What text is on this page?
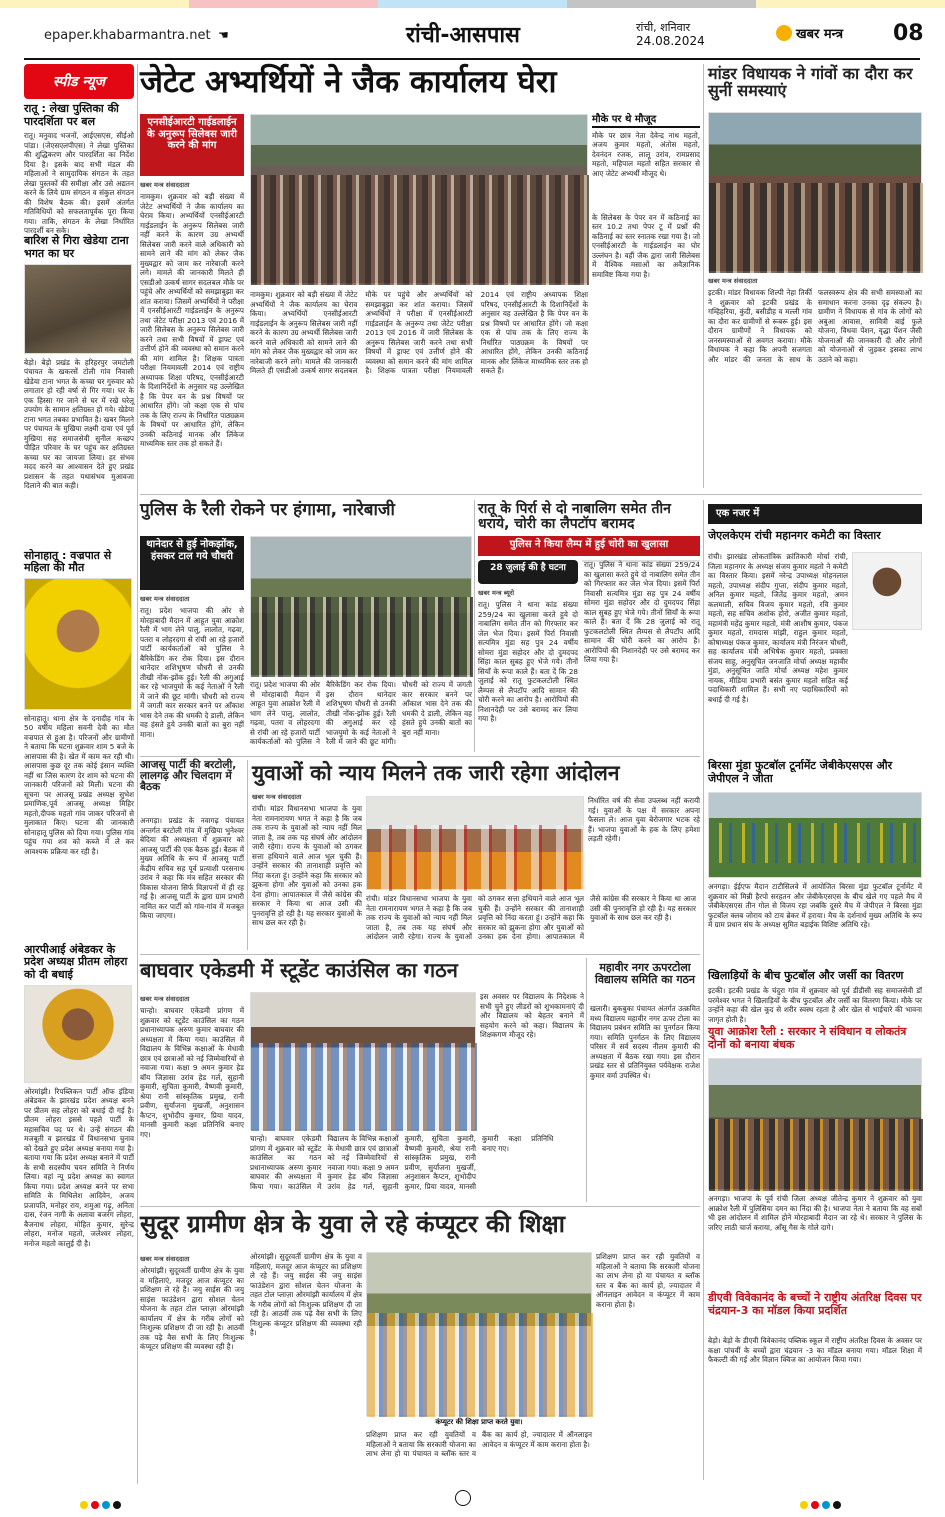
epaper.khabarmantra.net ☚	रांची-आसपास	रांची, शनिवार
24.08.2024	खबर मन्त्र 08
स्पीड न्यूज
रातू : लेखा पुस्तिका की पारदर्शिता पर बल
रातू। मनुवाद भजनों, आईएसएस, सीईओ पांडा। (जेएसएलपीएस) ने लेखा पुस्तिका की शुद्धिकरण और पारदर्शिता का निर्देश दिया है। इसके बाद सभी मंडल की महिलाओं ने सामुदायिक संगठन के तहत लेखा पुस्तकों की समीक्षा और उसे अद्यतन करने के लिये ग्राम संगठन व संकुल संगठन की विशेष बैठक की। इसमें अंतर्गत गतिविधियों को सफलतापूर्वक पूरा किया गया। ताकि, संगठन के लेखा निर्धारित पारदर्शी बन सके।
बारिश से गिरा खेडेया टाना भगत का घर
बेड़ो। बेड़ो प्रखंड के हरिहरपुर जमटोली पंचायत के खकरसें टोली गांव निवासी खेडेया टाना भगत के कच्चा घर गुरुवार को लगातार हो रही वर्षा से गिर गया। घर के एक हिस्सा गर जाने से घर में रखे घरेलू उपयोग के सामान क्षतिग्रस्त हो गये। खेडेया टाना भगत तबका प्रभावित है। खबर मिलने पर पंचायत के मुखिया लक्ष्मी दावा एवं पूर्व मुखिया सह समाजसेवी सुनील कच्छप पीड़ित परिवार के घर पहुंच कर क्षतिग्रस्त कच्चा घर का जायजा लिया। हर संभव मदद करने का आश्वासन देते हुए प्रखंड प्रशासन के तहत यथासंभव मुआवजा दिलाने की बात कही।
सोनाहातू : वज्रपात से महिला की मौत
सोनाहातू। थाना क्षेत्र के दनादीह गांव के 50 वर्षीय महिला सवनी देवी का मौत वज्रपात से हुआ है। परिजनों और ग्रामीणों ने बताया कि घटना शुक्रवार शाम 5 बजे के आसपास की है। खेत में काम कर रही थी। आसपास कुछ दूर तक कोई इंसान व्यक्ति नहीं था जिस कारण देर शाम को घटना की जानकारी परिजनों को मिली। घटना की सूचना पर आजसू प्रखंड अध्यक्ष सुभेश प्रमाणिक,पूर्व आजसू अध्यक्ष मिहिर महतो,दीपक महतो गांव जाकर परिजनों से मुलाकात किए। घटना की जानकारी सोनाहातू पुलिस को दिया गया। पुलिस गांव पहुंच गया शव को कब्जे में ले कर आवश्यक प्रक्रिया कर रही है।
आरपीआई अंबेडकर के प्रदेश अध्यक्ष प्रीतम लोहरा को दी बधाई
ओरमांझी। रिपब्लिकन पार्टी ऑफ इंडिया अंबेडकर के झारखंड प्रदेश अध्यक्ष बनने पर प्रीतम सह लोहरा को बधाई दी गई है। प्रीतम लोहरा इससे पहले पार्टी के महासचिव पद पर थे। उन्हें संगठन की मजबूती व झारखंड में विधानसभा चुनाव को देखते हुए प्रदेश अध्यक्ष बनाया गया है। बताया गया कि प्रदेश अध्यक्ष बनाने में पार्टी के सभी सदस्यीय चयन समिति ने निर्णय लिया। वहां न्यू प्रदेश अध्यक्ष का स्वागत किया गया। प्रदेश अध्यक्ष बनने पर सभा समिति के मिथिलेश आदिवेन, अजय प्रजापति, मनोहर राय, शमुआ गढ़ू, अनिता दास, रंजन नागी के अलावा बजरंग लोहरा, बैजनाथ लोहरा, मोहित कुमार, सुरेन्द्र लोहरा, मनोज महतो, जलेश्वर लोहरा, मनोज महतो कालुई दी है।
जेटेट अभ्यर्थियों ने जैक कार्यालय घेरा
एनसीईआरटी गाईडलाईन के अनुरूप सिलेबस जारी करने की मांग
खबर मन्त्र संवाददाता
नामकुम। शुक्रवार को बड़ी संख्या में जेटेट अभ्यर्थियों ने जैक कार्यालय का घेराव किया। अभ्यर्थियों एनसीईआरटी गाईडलाईन के अनुरूप सिलेबस जारी नहीं करने के कारण उग्र अभ्यर्थी सिलेबस जारी करने वाले अधिकारी को सामने लाने की मांग को लेकर जैक मुख्यद्वार को जाम कर नारेबाजी करने लगे। मामले की जानकारी मिलते ही एसडीओ उत्कर्ष सागर सदलबल मौके पर पहुंचे और अभ्यर्थियों को समझाबुझा कर शांत कराया। जिसमें अभ्यर्थियों ने परीक्षा में एनसीईआरटी गाईडलाईन के अनुरूप तथा जेटेट परीक्षा 2013 एवं 2016 में जारी सिलेबस के अनुरूप सिलेबस जारी करने तथा सभी विषयों में ड्राफ्ट एवं उत्तीर्ण होने की व्यवस्था को समान करने की मांग शामिल है। शिक्षक पात्रता परीक्षा नियमावली 2014 एवं राष्ट्रीय अध्यापक शिक्षा परिषद, एनसीईआरटी के दिशानिर्देशों के अनुसार यह उल्लेखित है कि पेपर वन के प्रश्न विषयों पर आधारित होंगे। जो कक्षा एक से पांच तक के लिए राज्य के निर्धारित पाठ्यक्रम के विषयों पर आधारित होंगे, लेकिन उनकी कठिनाई मानक और लिंकेज माध्यमिक स्तर तक हो सकते हैं।
नामकुम। शुक्रवार को बड़ी संख्या में जेटेट अभ्यर्थियों ने जैक कार्यालय का घेराव किया। अभ्यर्थियों एनसीईआरटी गाईडलाईन के अनुरूप सिलेबस जारी नहीं करने के कारण उग्र अभ्यर्थी सिलेबस जारी करने वाले अधिकारी को सामने लाने की मांग को लेकर जैक मुख्यद्वार को जाम कर नारेबाजी करने लगे। मामले की जानकारी मिलते ही एसडीओ उत्कर्ष सागर सदलबल मौके पर पहुंचे और अभ्यर्थियों को समझाबुझा कर शांत कराया। जिसमें अभ्यर्थियों ने परीक्षा में एनसीईआरटी गाईडलाईन के अनुरूप तथा जेटेट परीक्षा 2013 एवं 2016 में जारी सिलेबस के अनुरूप सिलेबस जारी करने तथा सभी विषयों में ड्राफ्ट एवं उत्तीर्ण होने की व्यवस्था को समान करने की मांग शामिल है। शिक्षक पात्रता परीक्षा नियमावली 2014 एवं राष्ट्रीय अध्यापक शिक्षा परिषद, एनसीईआरटी के दिशानिर्देशों के अनुसार यह उल्लेखित है कि पेपर वन के प्रश्न विषयों पर आधारित होंगे। जो कक्षा एक से पांच तक के लिए राज्य के निर्धारित पाठ्यक्रम के विषयों पर आधारित होंगे, लेकिन उनकी कठिनाई मानक और लिंकेज माध्यमिक स्तर तक हो सकते हैं।
मौके पर थे मौजूद
मौके पर छात्र नेता देवेन्द्र नाथ महतो, अजय कुमार महतो, अंतोस महतो, देवनंदन रजक, लालू उरांव, रामप्रसाद महतो, महिपाल महतो सहित सरकार से आए जेटेट अभ्यर्थी मौजूद थे।
के सिलेबस के पेपर वन में कठिनाई का स्तर 10.2 तथा पेपर टू में प्रश्नों की कठिनाई का स्तर स्नातक रखा गया है। जो एनसीईआरटी के गाईडलाईन का घोर उल्लंघन है। वहीं जैक द्वारा जारी सिलेबस में वैश्विक मसाओं का अवैज्ञानिक समाविष्ट किया गया है।
मांडर विधायक ने गांवों का दौरा कर सुनीं समस्याएं
खबर मन्त्र संवाददाता
इटकी। मांडर विधायक शिल्पी नेहा तिर्की ने शुक्रवार को इटकी प्रखंड के गम्हिहरिया, कुंदी, बसीडीह व मल्ली गांव का दौरा कर ग्रामीणों से रूबरू हुई। इस दौरान ग्रामीणों ने विधायक को जनसमस्याओं से अवगत कराया। मौके विधायक ने कहा कि अपनी सजगता और मांडर की जनता के साथ के फलस्वरूप क्षेत्र की सभी समस्याओं का समाधान करना उनका दृढ़ संकल्प है। ग्रामीण ने विधायक से गांव के लोगों को अबुआ आवास, सावित्री बाई फुले योजना, विधवा पेंशन, वृद्धा पेंशन जैसी योजनाओं की जानकारी दी और लोगों को योजनाओं से जुड़कर इसका लाभ उठाने को कहा।
पुलिस के रैली रोकने पर हंगामा, नारेबाजी
थानेदार से हुई नोकझोंक, हंसकर टाल गये चौधरी
खबर मन्त्र संवाददाता
रातू। प्रदेश भाजपा की ओर से मोरहाबादी मैदान में आहूत युवा आक्रोश रैली में भाग लेने पालु, लालोत, गढ़वा, पतरा व लोहरदगा से रांची आ रहे हजारों पार्टी कार्यकर्ताओं को पुलिस ने बैरिकेडिंग कर रोक दिया। इस दौरान थानेदार शशिभूषण चौधरी से उनकी तीखी नोंक-झोंक हुई। रैली की अगुआई कर रहे भाजयुमो के कई नेताओं ने रैली में जाने की छूट मांगी। चौधरी को राज्य में जगती कार सरकार बनने पर आँकाश भास देने तक की धमकी दे डाली, लेकिन वह हंसते हुये उनकी बातों का बुरा नहीं माना।
रातू। प्रदेश भाजपा की ओर से मोरहाबादी मैदान में आहूत युवा आक्रोश रैली में भाग लेने पालु, लालोत, गढ़वा, पतरा व लोहरदगा से रांची आ रहे हजारों पार्टी कार्यकर्ताओं को पुलिस ने बैरिकेडिंग कर रोक दिया। इस दौरान थानेदार शशिभूषण चौधरी से उनकी तीखी नोंक-झोंक हुई। रैली की अगुआई कर रहे भाजयुमो के कई नेताओं ने रैली में जाने की छूट मांगी। चौधरी को राज्य में जगती कार सरकार बनने पर आँकाश भास देने तक की धमकी दे डाली, लेकिन वह हंसते हुये उनकी बातों का बुरा नहीं माना।
रातू के पिर्रा से दो नाबालिग समेत तीन धराये, चोरी का लैपटॉप बरामद
पुलिस ने किया लैम्प में हुई चोरी का खुलासा
28 जुलाई की है घटना
खबर मन्त्र ब्यूरो
रातू। पुलिस ने थाना कांड संख्या 259/24 का खुलासा करते हुये दो नाबालिग समेत तीन को गिरफ्तार कर जेल भेज दिया। इसमें पिर्रा निवासी सत्यमित्र मुंडा सह पुत्र 24 वर्षीय सोमरा मुंडा सहोदर और दो दुमदपद सिंहा काल सुबह हुए भेजे गये। तीनों सियाँ के रूपा काले हैं। बता दें कि 28 जुलाई को रातू फुटकलटोली स्थित लैम्पस से लैपटॉप आदि सामान की चोरी करने का आरोप है। आरोपियों की निशानदेही पर उसे बरामद कर लिया गया है।
रातू। पुलिस ने थाना कांड संख्या 259/24 का खुलासा करते हुये दो नाबालिग समेत तीन को गिरफ्तार कर जेल भेज दिया। इसमें पिर्रा निवासी सत्यमित्र मुंडा सह पुत्र 24 वर्षीय सोमरा मुंडा सहोदर और दो दुमदपद सिंहा काल सुबह हुए भेजे गये। तीनों सियाँ के रूपा काले हैं। बता दें कि 28 जुलाई को रातू फुटकलटोली स्थित लैम्पस से लैपटॉप आदि सामान की चोरी करने का आरोप है। आरोपियों की निशानदेही पर उसे बरामद कर लिया गया है।
एक नजर में
जेएलकेएम रांची महानगर कमेटी का विस्तार
रांची। झारखंड लोकतांत्रिक क्रांतिकारी मोर्चा रांची, जिला महानगर के अध्यक्ष संजय कुमार महतो ने कमेटी का विस्तार किया। इसमें नरेन्द्र उपाध्यक्ष मोहनलाल महतो, उपाध्यक्ष संदीप गुप्ता, संदीप कुमार महतो, अनिल कुमार महतो, जितेंद्र कुमार महतो, अमन कलमाली, सचिव विजय कुमार महतो, रवि कुमार महतो, सह सचिव अशोक होरो, अजीत कुमार महतो, महामंत्री महेंद्र कुमार महतो, मंत्री आशीष कुमार, पंकज कुमार महतो, रामदास मांझी, राहुल कुमार महतो, कोषाध्यक्ष पंकज कुमार, कार्यालय मंत्री निरंजन चौधरी, सह कार्यालय मंत्री अभिषेक कुमार महतो, प्रवक्ता संजय साहू, अनुसूचित जनजाति मोर्चा अध्यक्ष महावीर मुंडा, अनुसूचित जाति मोर्चा अध्यक्ष महेश कुमार नायक, मीडिया प्रभारी बसंत कुमार महतो सहित कई पदाधिकारी शामिल हैं। सभी नए पदाधिकारियों को बधाई दी गई है।
बिरसा मुंडा फुटबॉल टूर्नामेंट जेबीकेएसएस और जेपीएल ने जीता
अनगड़ा। ईईएफ मैदान टाटीसिलवे में आयोजित बिरसा मुंडा फुटबॉल टूर्नामेंट में शुक्रवार को मिन्नी हैरपो सरहतन और जेबीकेएसएस के बीच खेले गए पहले मैच में जेबीकेएसएस तीन गोल से विजय रहा जबकि दूसरे मैच में जेपीएल ने बिरसा मुंडा फुटबॉल क्लब जोराय को टाय ब्रेकर में हराया। मैच के दर्शनार्थ मुख्य अतिथि के रूप में ग्राम प्रधान संघ के अध्यक्ष सुमित बड़ाईक विशिष्ट अतिथि रहे।
खिलाड़ियों के बीच फुटबॉल और जर्सी का वितरण
इटकी। इटकी प्रखंड के चंदुरा गांव में शुक्रवार को पूर्व डीडीसी सह समाजसेवी डॉ परमेश्वर भगत ने खिलाड़ियों के बीच फुटबॉल और जर्सी का वितरण किया। मौके पर उन्होंने कहा की खेल कूद से शरीर स्वस्थ रहता है और खेल से भाईचारे की भावना जागृत होती है।
युवा आक्रोश रैली : सरकार ने संविधान व लोकतंत्र दोनों को बनाया बंधक
अनगड़ा। भाजपा के पूर्व रांची जिला अध्यक्ष जीतेन्द्र कुमार ने शुक्रवार को युवा आक्रोश रैली में पुलिसिया दमन का निंदा की है। भाजपा नेता ने बताया कि वह सबों भी इस आंदोलन में शामिल होने मोरहाबादी मैदान जा रहे थे। सरकार ने पुलिस के जरिए लाठी चार्ज कराया, आँसू गैस के गोले दागे।
डीएवी विवेकानंद के बच्चों ने राष्ट्रीय अंतरिक्ष दिवस पर चंद्रयान-3 का मॉडल किया प्रदर्शित
बेड़ो। बेड़ो के डीएवी विवेकानंद पब्लिक स्कूल में राष्ट्रीय अंतरिक्ष दिवस के अवसर पर कक्षा पांचवीं के बच्चों द्वारा चंद्रयान -3 का मॉडल बनाया गया। मॉडल शिक्षा में फैकल्टी की गई और विज्ञान क्विज का आयोजन किया गया।
आजसू पार्टी की बरटोली, लालगढ़ और चिलदाग में बैठक
अनगड़ा। प्रखंड के नवागढ़ पंचायत अन्तर्गत बरटोली गांव में मुखिया भुनेश्वर बेदिया की अध्यक्षता में शुक्रवार को आजसू पार्टी की एक बैठक हुई। बैठक में मुख्य अतिथि के रूप में आजसू पार्टी केंद्रीय सचिव सह पूर्व प्रत्याशी परसनाथ उरांव ने कहा कि मंत्र सहित सरकार की विकास योजना सिर्फ विज्ञापनों में ही रह गई है। आजसू पार्टी के द्वारा ग्राम प्रभारी नामित कर पार्टी को गांव-गांव में मजबूत किया जाएगा।
युवाओं को न्याय मिलने तक जारी रहेगा आंदोलन
खबर मन्त्र संवाददाता
रांची। मांडर विधानसभा भाजपा के युवा नेता रामनारायण भगत ने कहा है कि जब तक राज्य के युवाओं को न्याय नहीं मिल जाता है, तब तक यह संघर्ष और आंदोलन जारी रहेगा। राज्य के युवाओं को ठगकर सत्ता हथियाने वाले आज भूल चुकी हैं। उन्होंने सरकार की तानाशाही प्रवृत्ति को निंदा करता हूं। उन्होंने कहा कि सरकार को झुकना होगा और युवाओं को उनका हक देना होगा। आपातकाल में जैसे कांग्रेस की सरकार ने किया था आज उसी की पुनरावृत्ति हो रही है। यह सरकार युवाओं के साथ छल कर रही है।
रांची। मांडर विधानसभा भाजपा के युवा नेता रामनारायण भगत ने कहा है कि जब तक राज्य के युवाओं को न्याय नहीं मिल जाता है, तब तक यह संघर्ष और आंदोलन जारी रहेगा। राज्य के युवाओं को ठगकर सत्ता हथियाने वाले आज भूल चुकी हैं। उन्होंने सरकार की तानाशाही प्रवृत्ति को निंदा करता हूं। उन्होंने कहा कि सरकार को झुकना होगा और युवाओं को उनका हक देना होगा। आपातकाल में जैसे कांग्रेस की सरकार ने किया था आज उसी की पुनरावृत्ति हो रही है। यह सरकार युवाओं के साथ छल कर रही है।
निर्धारित वर्ष की सेवा उपलब्ध नहीं करायी गई। युवाओं के पक्ष में सरकार अपना फैसला ले। आज युवा बेरोजगार भटक रहे हैं। भाजपा युवाओं के हक के लिए हमेशा लड़ती रहेगी।
बाघवार एकेडमी में स्टूडेंट काउंसिल का गठन
खबर मन्त्र संवाददाता
चान्हो। बाघवार एकेडमी प्रांगण में शुक्रवार को स्टूडेंट काउंसिल का गठन प्रधानाध्यापक अरुण कुमार बाघवार की अध्यक्षता में किया गया। काउंसिल में विद्यालय के विभिन्न कक्षाओं के मेधावी छात्र एवं छात्राओं को नई जिम्मेवारियों से नवाजा गया। कक्षा 9 अमन कुमार हेड बॉय जिज्ञासा उरांव हेड गर्ल, सुहानी कुमारी, सुचिता कुमारी, वैष्णवी कुमारी, श्रेया रानी सांस्कृतिक प्रमुख, रानी प्रवीण, सुर्यांजना मुखर्जी, अनुशासन कैप्टन, शुभोदीप कुमार, प्रिया यादव, मानसी कुमारी कक्षा प्रतिनिधि बनाए गए।	चान्हो। बाघवार एकेडमी प्रांगण में शुक्रवार को स्टूडेंट काउंसिल का गठन प्रधानाध्यापक अरुण कुमार बाघवार की अध्यक्षता में किया गया। काउंसिल में विद्यालय के विभिन्न कक्षाओं के मेधावी छात्र एवं छात्राओं को नई जिम्मेवारियों से नवाजा गया। कक्षा 9 अमन कुमार हेड बॉय जिज्ञासा उरांव हेड गर्ल, सुहानी कुमारी, सुचिता कुमारी, वैष्णवी कुमारी, श्रेया रानी सांस्कृतिक प्रमुख, रानी प्रवीण, सुर्यांजना मुखर्जी, अनुशासन कैप्टन, शुभोदीप कुमार, प्रिया यादव, मानसी कुमारी कक्षा प्रतिनिधि बनाए गए।
इस अवसर पर विद्यालय के निदेशक ने सभी चुने हुए लीडरों को शुभकामनाएं दी और विद्यालय को बेहतर बनाने में सहयोग करने को कहा। विद्यालय के शिक्षकगण मौजूद रहे।
महावीर नगर ऊपरटोला विद्यालय समिति का गठन
खलारी। बुकबुका पंचायत अंतर्गत उत्क्रमित मध्य विद्यालय महावीर नगर ऊपर टोला का विद्यालय प्रबंधन समिति का पुनर्गठन किया गया। समिति पुनर्गठन के लिए विद्यालय परिसर में सर्व सदस्य नीलम कुमारी की अध्यक्षता में बैठक रखा गया। इस दौरान प्रखंड स्तर से प्रतिनियुक्त पर्यवेक्षक राजेश कुमार वर्मा उपस्थित थे।
सुदूर ग्रामीण क्षेत्र के युवा ले रहे कंप्यूटर की शिक्षा
खबर मन्त्र संवाददाता
ओरमांझी। सुदूरवर्ती ग्रामीण क्षेत्र के युवा व महिलाएं, मजदूर आज कंप्यूटर का प्रशिक्षण ले रहे हैं। जयु साईस की जयु साइंस फाउंडेशन द्वारा सोशल चेतन योजना के तहत टोल प्लाज़ा ओरमांझी कार्यालय में क्षेत्र के गरीब लोगों को निःशुल्क प्रशिक्षण दी जा रही है। आठवीं तक पढ़े वैस सभी के लिए निःशुल्क कंप्यूटर प्रशिक्षण की व्यवस्था रही है।
ओरमांझी। सुदूरवर्ती ग्रामीण क्षेत्र के युवा व महिलाएं, मजदूर आज कंप्यूटर का प्रशिक्षण ले रहे हैं। जयु साईस की जयु साइंस फाउंडेशन द्वारा सोशल चेतन योजना के तहत टोल प्लाज़ा ओरमांझी कार्यालय में क्षेत्र के गरीब लोगों को निःशुल्क प्रशिक्षण दी जा रही है। आठवीं तक पढ़े वैस सभी के लिए निःशुल्क कंप्यूटर प्रशिक्षण की व्यवस्था रही है।
कंप्यूटर की शिक्षा प्राप्त करते युवा।
प्रशिक्षण प्राप्त कर रही युवतियों व महिलाओं ने बताया कि सरकारी योजना का लाभ लेना हो या पंचायत व ब्लॉक स्तर व बैंक का कार्य हो, ज्यादातर में ऑनलाइन आवेदन व कंप्यूटर में काम कराना होता है।
प्रशिक्षण प्राप्त कर रही युवतियों व महिलाओं ने बताया कि सरकारी योजना का लाभ लेना हो या पंचायत व ब्लॉक स्तर व बैंक का कार्य हो, ज्यादातर में ऑनलाइन आवेदन व कंप्यूटर में काम कराना होता है।
